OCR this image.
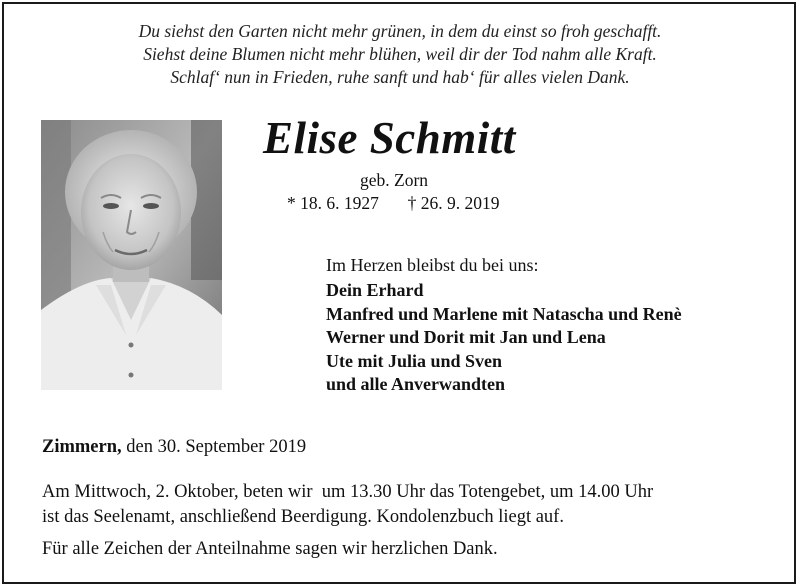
Du siehst den Garten nicht mehr grünen, in dem du einst so froh geschafft.
Siehst deine Blumen nicht mehr blühen, weil dir der Tod nahm alle Kraft.
Schlaf‘ nun in Frieden, ruhe sanft und hab‘ für alles vielen Dank.
Elise Schmitt
geb. Zorn
* 18. 6. 1927 † 26. 9. 2019
Im Herzen bleibst du bei uns:
Dein Erhard
Manfred und Marlene mit Natascha und Renè
Werner und Dorit mit Jan und Lena
Ute mit Julia und Sven
und alle Anverwandten
Zimmern, den 30. September 2019
Am Mittwoch, 2. Oktober, beten wir  um 13.30 Uhr das Totengebet, um 14.00 Uhr
ist das Seelenamt, anschließend Beerdigung. Kondolenzbuch liegt auf.
Für alle Zeichen der Anteilnahme sagen wir herzlichen Dank.
